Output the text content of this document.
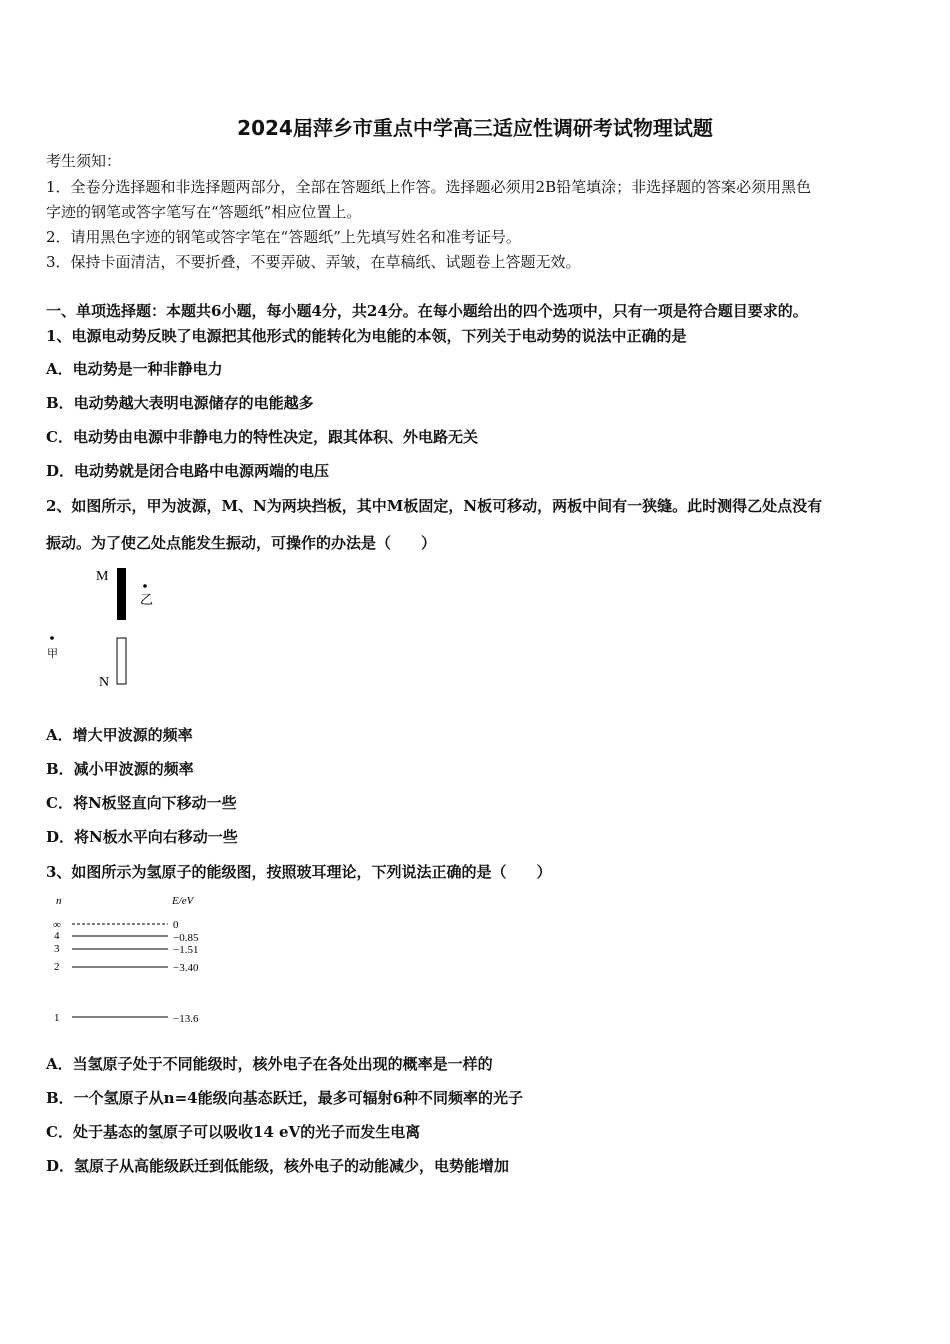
2024届萍乡市重点中学高三适应性调研考试物理试题
考生须知：
1．全卷分选择题和非选择题两部分，全部在答题纸上作答。选择题必须用2B铅笔填涂；非选择题的答案必须用黑色
字迹的钢笔或答字笔写在“答题纸”相应位置上。
2．请用黑色字迹的钢笔或答字笔在“答题纸”上先填写姓名和准考证号。
3．保持卡面清洁，不要折叠，不要弄破、弄皱，在草稿纸、试题卷上答题无效。
一、单项选择题：本题共6小题，每小题4分，共24分。在每小题给出的四个选项中，只有一项是符合题目要求的。
1、电源电动势反映了电源把其他形式的能转化为电能的本领，下列关于电动势的说法中正确的是
A．电动势是一种非静电力
B．电动势越大表明电源储存的电能越多
C．电动势由电源中非静电力的特性决定，跟其体积、外电路无关
D．电动势就是闭合电路中电源两端的电压
2、如图所示，甲为波源，M、N为两块挡板，其中M板固定，N板可移动，两板中间有一狭缝。此时测得乙处点没有
振动。为了使乙处点能发生振动，可操作的办法是（　　）
M
乙
甲
N
A．增大甲波源的频率
B．减小甲波源的频率
C．将N板竖直向下移动一些
D．将N板水平向右移动一些
3、如图所示为氢原子的能级图，按照玻耳理论，下列说法正确的是（　　）
n	E/eV
∞	0
4	−0.85
3	−1.51
2	−3.40
1	−13.6
A．当氢原子处于不同能级时，核外电子在各处出现的概率是一样的
B．一个氢原子从n=4能级向基态跃迁，最多可辐射6种不同频率的光子
C．处于基态的氢原子可以吸收14 eV的光子而发生电离
D．氢原子从高能级跃迁到低能级，核外电子的动能减少，电势能增加
